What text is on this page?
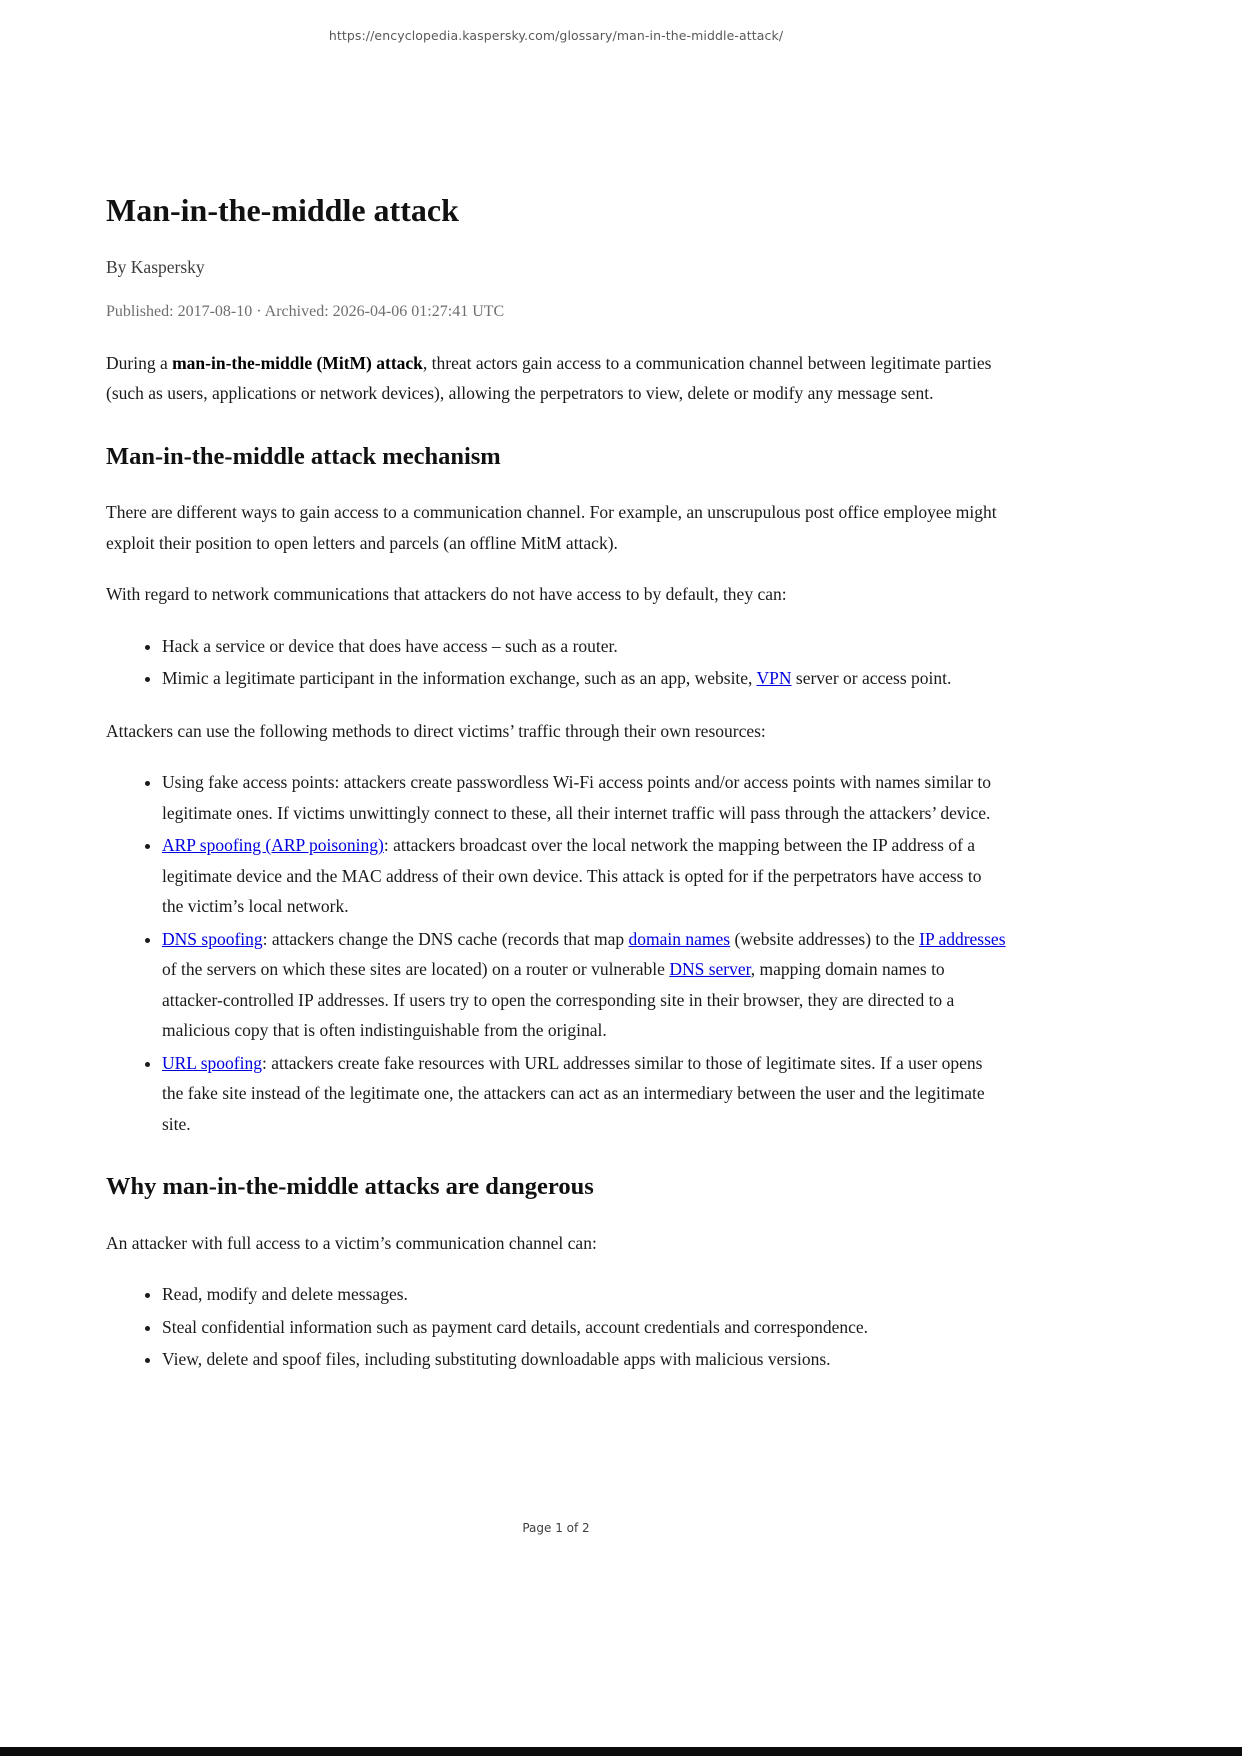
https://encyclopedia.kaspersky.com/glossary/man-in-the-middle-attack/
Man-in-the-middle attack
By Kaspersky
Published: 2017-08-10 · Archived: 2026-04-06 01:27:41 UTC

During a man-in-the-middle (MitM) attack, threat actors gain access to a communication channel between legitimate parties (such as users, applications or network devices), allowing the perpetrators to view, delete or modify any message sent.

Man-in-the-middle attack mechanism

There are different ways to gain access to a communication channel. For example, an unscrupulous post office employee might exploit their position to open letters and parcels (an offline MitM attack).

With regard to network communications that attackers do not have access to by default, they can:

• Hack a service or device that does have access – such as a router.
• Mimic a legitimate participant in the information exchange, such as an app, website, VPN server or access point.

Attackers can use the following methods to direct victims’ traffic through their own resources:

• Using fake access points: attackers create passwordless Wi-Fi access points and/or access points with names similar to legitimate ones. If victims unwittingly connect to these, all their internet traffic will pass through the attackers’ device.
• ARP spoofing (ARP poisoning): attackers broadcast over the local network the mapping between the IP address of a legitimate device and the MAC address of their own device. This attack is opted for if the perpetrators have access to the victim’s local network.
• DNS spoofing: attackers change the DNS cache (records that map domain names (website addresses) to the IP addresses of the servers on which these sites are located) on a router or vulnerable DNS server, mapping domain names to attacker-controlled IP addresses. If users try to open the corresponding site in their browser, they are directed to a malicious copy that is often indistinguishable from the original.
• URL spoofing: attackers create fake resources with URL addresses similar to those of legitimate sites. If a user opens the fake site instead of the legitimate one, the attackers can act as an intermediary between the user and the legitimate site.
Why man-in-the-middle attacks are dangerous

An attacker with full access to a victim’s communication channel can:

• Read, modify and delete messages.
• Steal confidential information such as payment card details, account credentials and correspondence.
• View, delete and spoof files, including substituting downloadable apps with malicious versions.
Page 1 of 2
